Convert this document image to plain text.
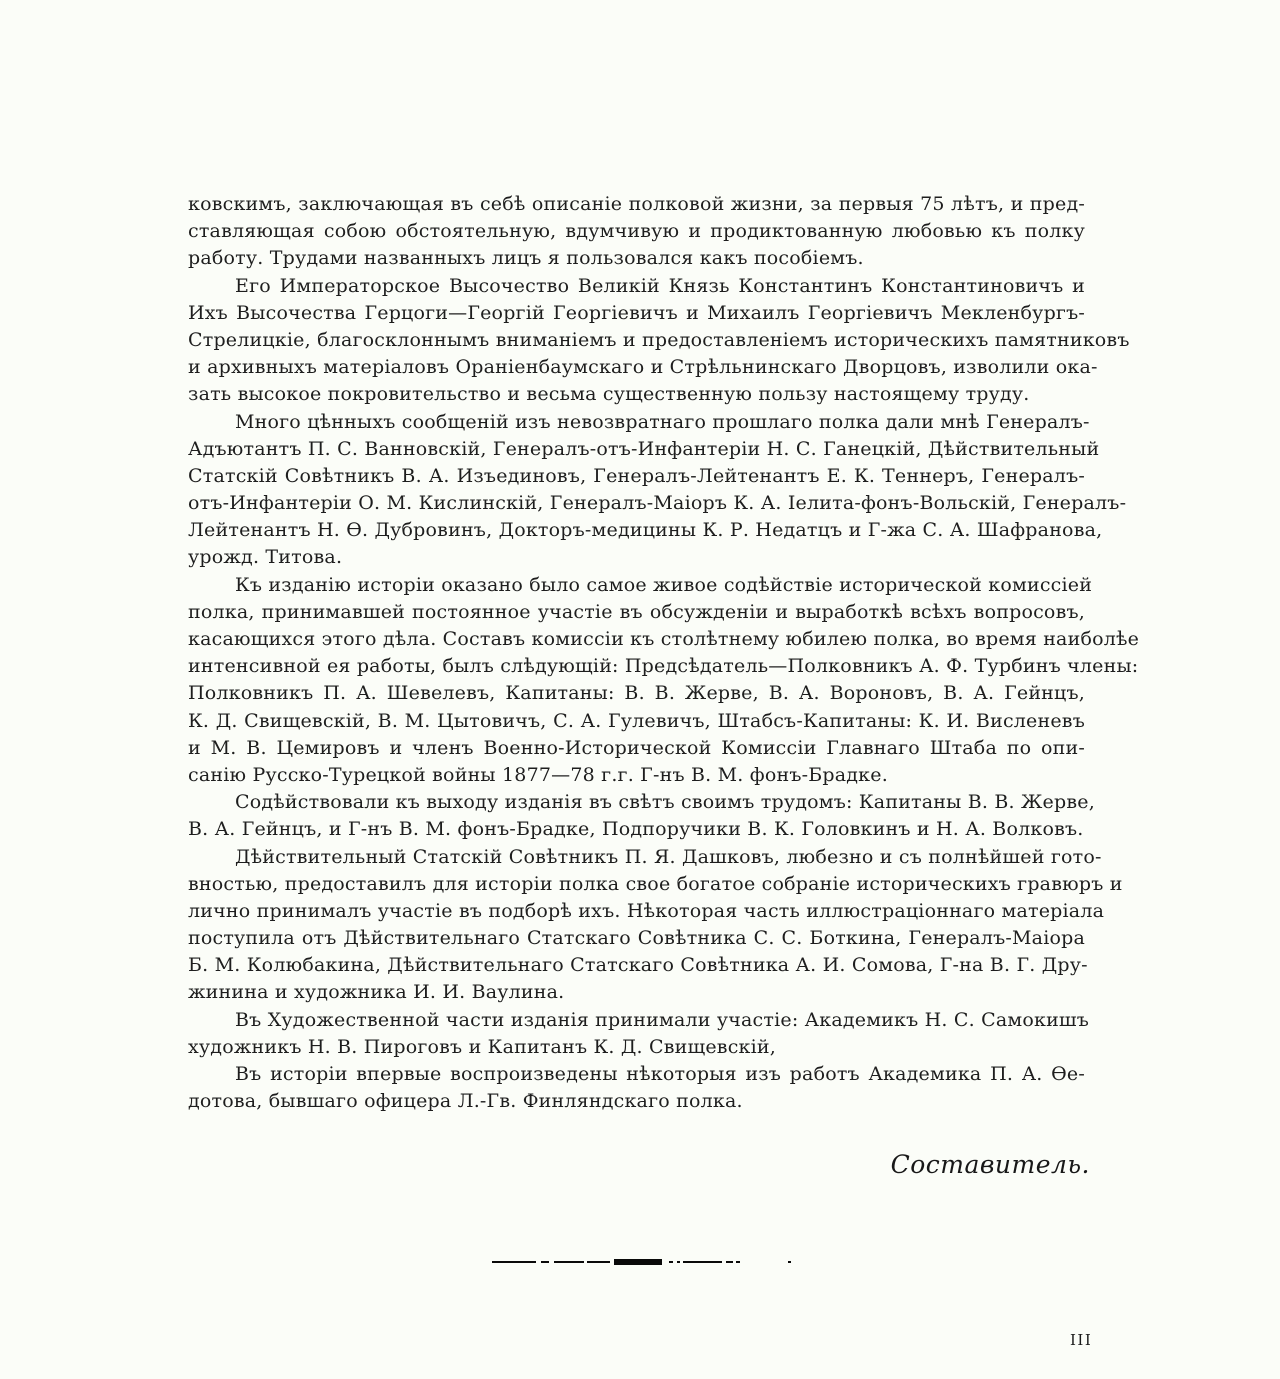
ковскимъ, заключающая въ себѣ описаніе полковой жизни, за первыя 75 лѣтъ, и пред-
ставляющая собою обстоятельную, вдумчивую и продиктованную любовью къ полку
работу. Трудами названныхъ лицъ я пользовался какъ пособіемъ.
Его Императорское Высочество Великій Князь Константинъ Константиновичъ и
Ихъ Высочества Герцоги—Георгій Георгіевичъ и Михаилъ Георгіевичъ Мекленбургъ-
Стрелицкіе, благосклоннымъ вниманіемъ и предоставленіемъ историческихъ памятниковъ
и архивныхъ матеріаловъ Ораніенбаумскаго и Стрѣльнинскаго Дворцовъ, изволили ока-
зать высокое покровительство и весьма существенную пользу настоящему труду.
Много цѣнныхъ сообщеній изъ невозвратнаго прошлаго полка дали мнѣ Генералъ-
Адъютантъ П. С. Ванновскій, Генералъ-отъ-Инфантеріи Н. С. Ганецкій, Дѣйствительный
Статскій Совѣтникъ В. А. Изъединовъ, Генералъ-Лейтенантъ Е. К. Теннеръ, Генералъ-
отъ-Инфантеріи О. М. Кислинскій, Генералъ-Маіоръ К. А. Іелита-фонъ-Вольскій, Генералъ-
Лейтенантъ Н. Ѳ. Дубровинъ, Докторъ-медицины К. Р. Недатцъ и Г-жа С. А. Шафранова,
урожд. Титова.
Къ изданію исторіи оказано было самое живое содѣйствіе исторической комиссіей
полка, принимавшей постоянное участіе въ обсужденіи и выработкѣ всѣхъ вопросовъ,
касающихся этого дѣла. Составъ комиссіи къ столѣтнему юбилею полка, во время наиболѣе
интенсивной ея работы, былъ слѣдующій: Предсѣдатель—Полковникъ А. Ф. Турбинъ члены:
Полковникъ П. А. Шевелевъ, Капитаны: В. В. Жерве, В. А. Вороновъ, В. А. Гейнцъ,
К. Д. Свищевскій, В. М. Цытовичъ, С. А. Гулевичъ, Штабсъ-Капитаны: К. И. Висленевъ
и М. В. Цемировъ и членъ Военно-Исторической Комиссіи Главнаго Штаба по опи-
санію Русско-Турецкой войны 1877—78 г.г. Г-нъ В. М. фонъ-Брадке.
Содѣйствовали къ выходу изданія въ свѣтъ своимъ трудомъ: Капитаны В. В. Жерве,
В. А. Гейнцъ, и Г-нъ В. М. фонъ-Брадке, Подпоручики В. К. Головкинъ и Н. А. Волковъ.
Дѣйствительный Статскій Совѣтникъ П. Я. Дашковъ, любезно и съ полнѣйшей гото-
вностью, предоставилъ для исторіи полка свое богатое собраніе историческихъ гравюръ и
лично принималъ участіе въ подборѣ ихъ. Нѣкоторая часть иллюстраціоннаго матеріала
поступила отъ Дѣйствительнаго Статскаго Совѣтника С. С. Боткина, Генералъ-Маіора
Б. М. Колюбакина, Дѣйствительнаго Статскаго Совѣтника А. И. Сомова, Г-на В. Г. Дру-
жинина и художника И. И. Ваулина.
Въ Художественной части изданія принимали участіе: Академикъ Н. С. Самокишъ
художникъ Н. В. Пироговъ и Капитанъ К. Д. Свищевскій,
Въ исторіи впервые воспроизведены нѣкоторыя изъ работъ Академика П. А. Ѳе-
дотова, бывшаго офицера Л.-Гв. Финляндскаго полка.
Составитель.
III
